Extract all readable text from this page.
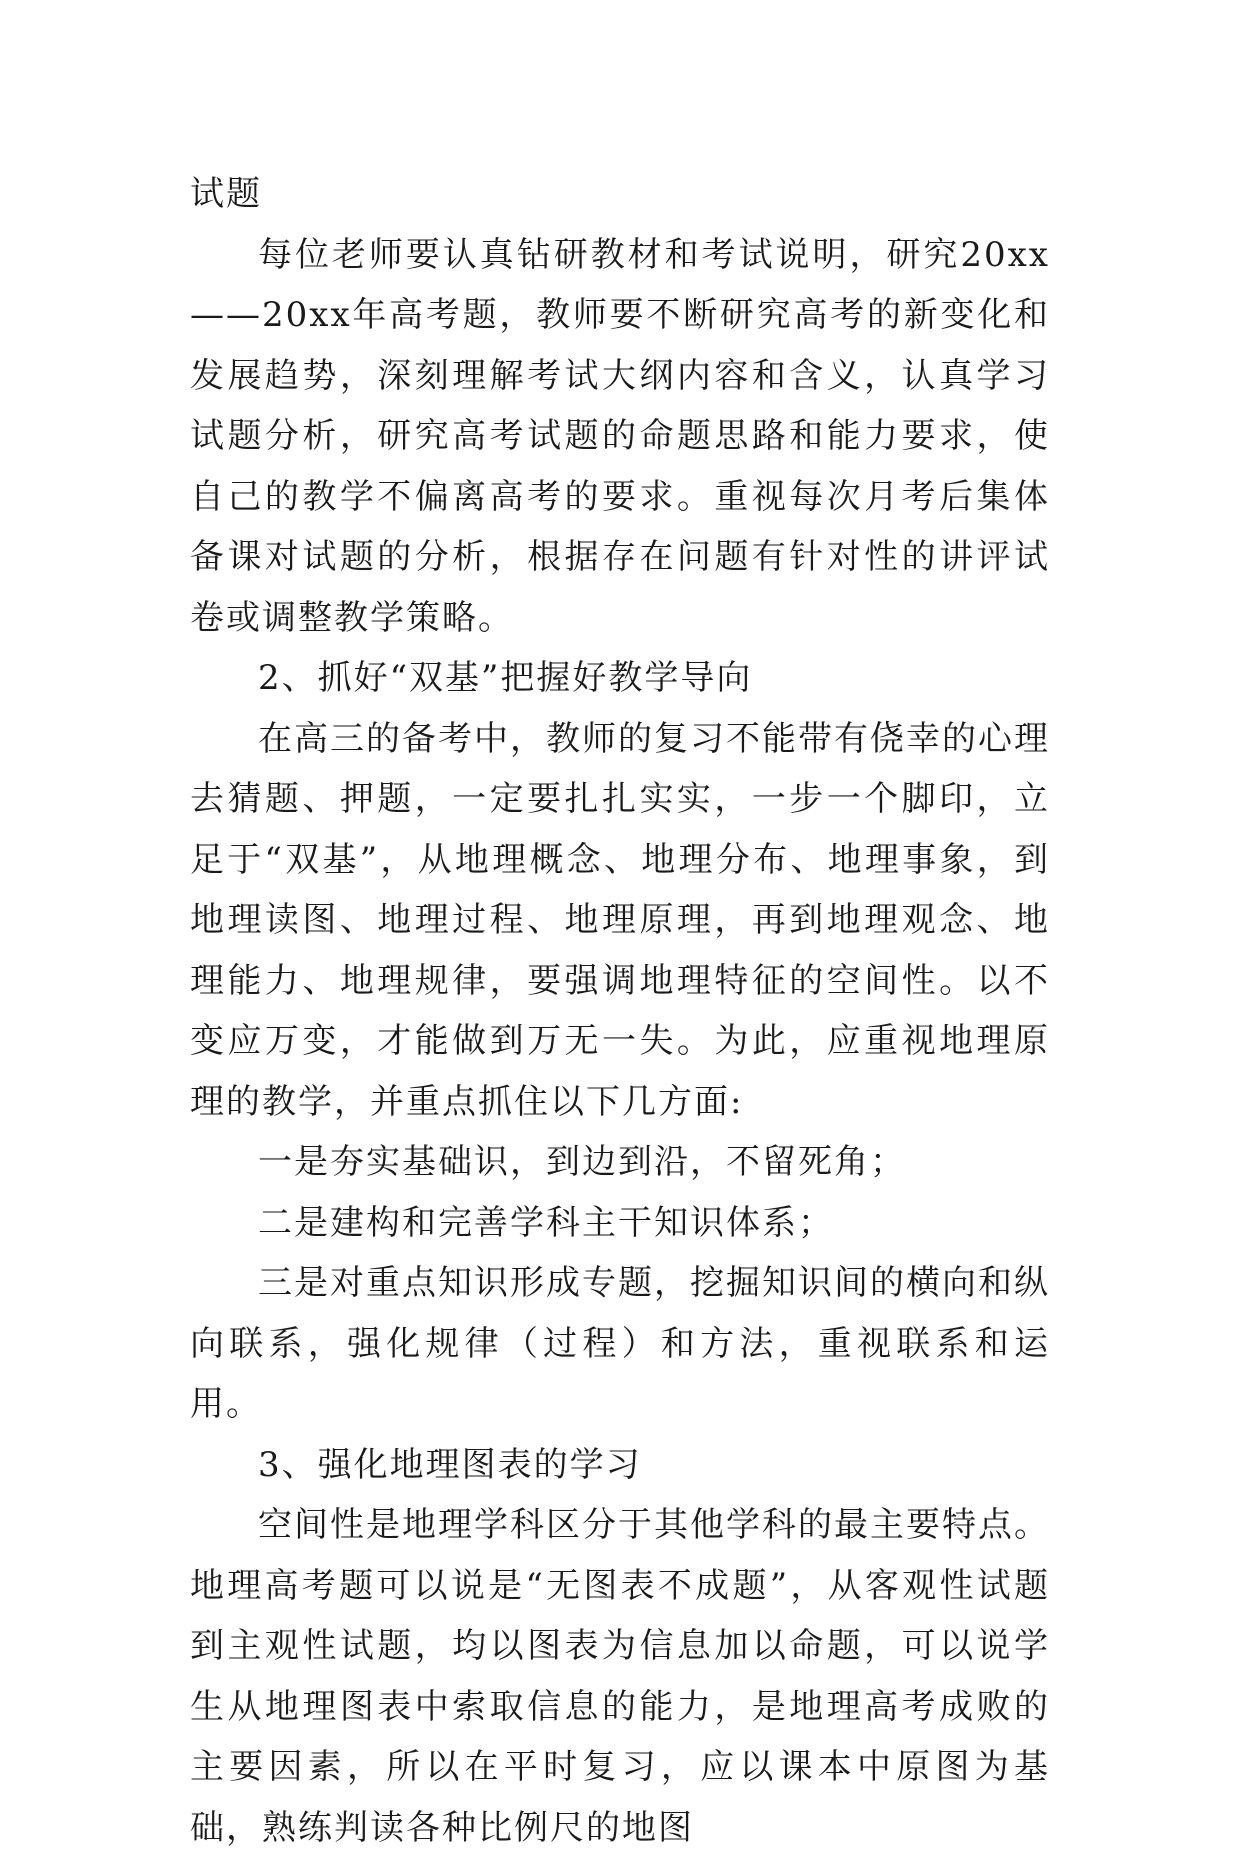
试题

每位老师要认真钻研教材和考试说明，研究20xx——20xx年高考题，教师要不断研究高考的新变化和发展趋势，深刻理解考试大纲内容和含义，认真学习试题分析，研究高考试题的命题思路和能力要求，使自己的教学不偏离高考的要求。重视每次月考后集体备课对试题的分析，根据存在问题有针对性的讲评试卷或调整教学策略。

2、抓好“双基”把握好教学导向

在高三的备考中，教师的复习不能带有侥幸的心理去猜题、押题，一定要扎扎实实，一步一个脚印，立足于“双基”，从地理概念、地理分布、地理事象，到地理读图、地理过程、地理原理，再到地理观念、地理能力、地理规律，要强调地理特征的空间性。以不变应万变，才能做到万无一失。为此，应重视地理原理的教学，并重点抓住以下几方面:

一是夯实基础识，到边到沿，不留死角；

二是建构和完善学科主干知识体系；

三是对重点知识形成专题，挖掘知识间的横向和纵向联系，强化规律（过程）和方法，重视联系和运用。

3、强化地理图表的学习

空间性是地理学科区分于其他学科的最主要特点。地理高考题可以说是“无图表不成题”，从客观性试题到主观性试题，均以图表为信息加以命题，可以说学生从地理图表中索取信息的能力，是地理高考成败的主要因素，所以在平时复习，应以课本中原图为基础，熟练判读各种比例尺的地图
